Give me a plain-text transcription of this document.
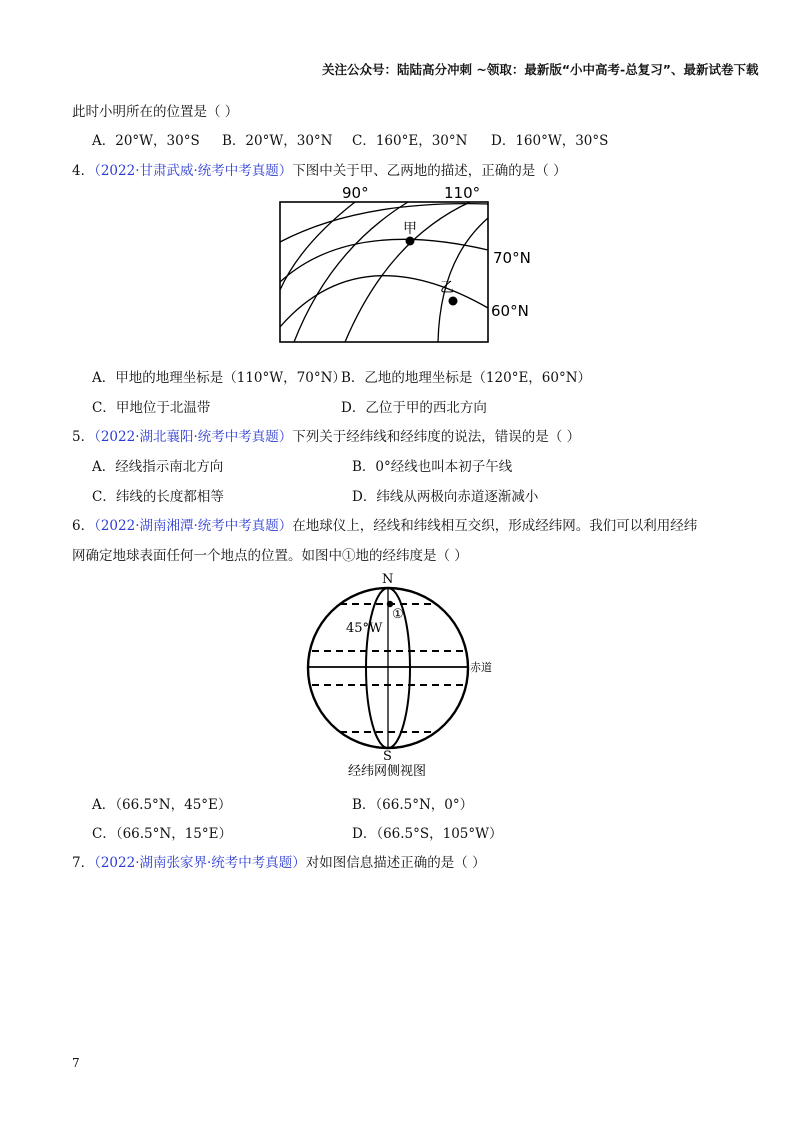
关注公众号：陆陆高分冲刺 ~领取：最新版“小中高考-总复习”、最新试卷下载
此时小明所在的位置是（ ）
A．20°W，30°S B．20°W，30°N C．160°E，30°N D．160°W，30°S
4．（2022·甘肃武威·统考中考真题）下图中关于甲、乙两地的描述，正确的是（ ）
90°	110°
70°N
60°N
甲
乙
A．甲地的地理坐标是（110°W，70°N）
B．乙地的地理坐标是（120°E，60°N）
C．甲地位于北温带	D．乙位于甲的西北方向
5．（2022·湖北襄阳·统考中考真题）下列关于经纬线和经纬度的说法，错误的是（ ）
A．经线指示南北方向	B．0°经线也叫本初子午线
C．纬线的长度都相等	D．纬线从两极向赤道逐渐减小
6．（2022·湖南湘潭·统考中考真题）在地球仪上，经线和纬线相互交织，形成经纬网。我们可以利用经纬
网确定地球表面任何一个地点的位置。如图中①地的经纬度是（ ）
N
S
45°W
①
赤道
经纬网侧视图
A．（66.5°N，45°E）	B．（66.5°N，0°）
C．（66.5°N，15°E）	D．（66.5°S，105°W）
7．（2022·湖南张家界·统考中考真题）对如图信息描述正确的是（ ）
7
